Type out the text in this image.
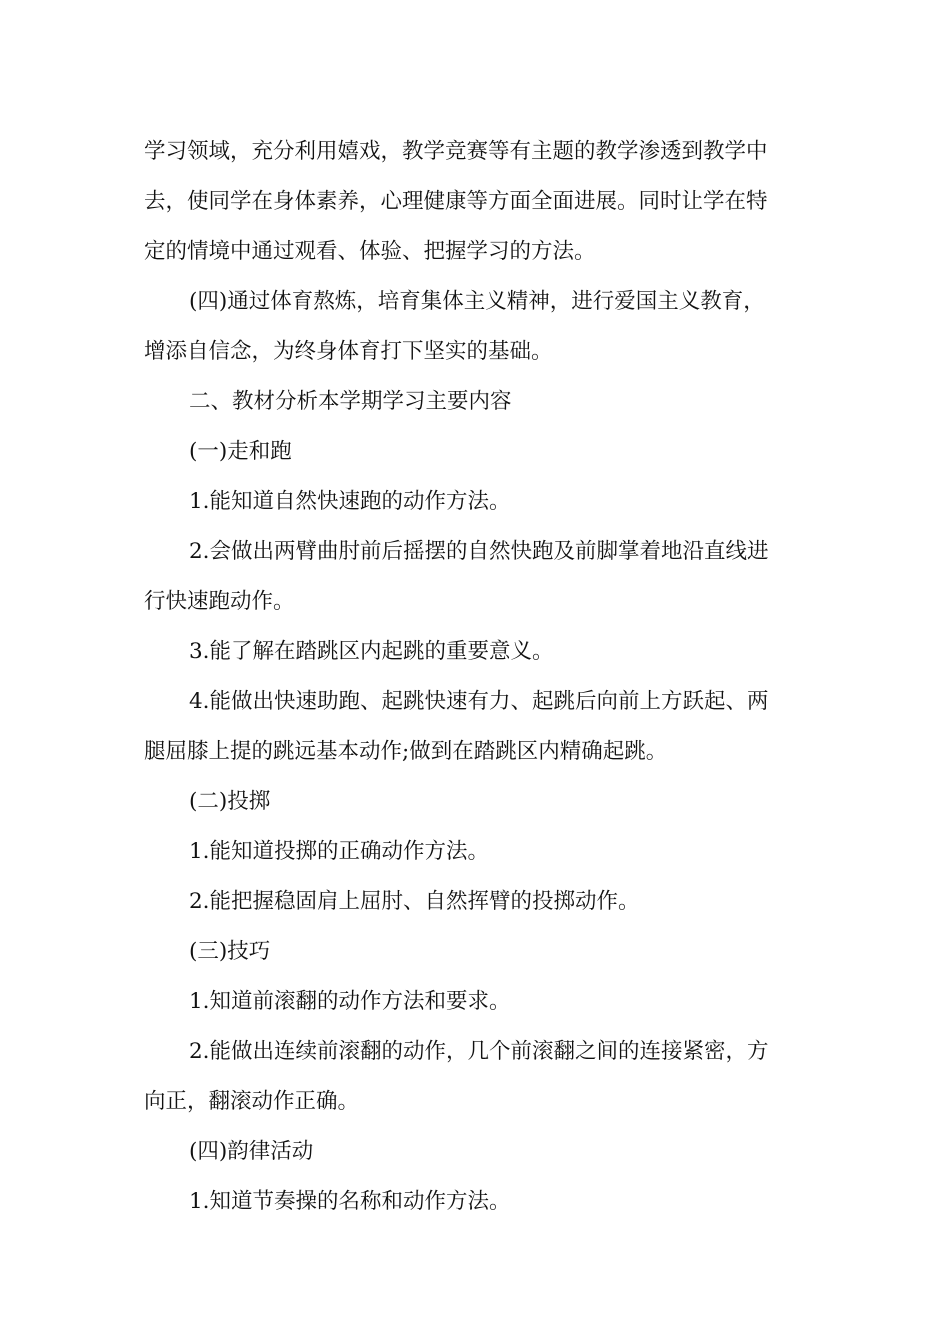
学习领域，充分利用嬉戏，教学竞赛等有主题的教学渗透到教学中
去，使同学在身体素养，心理健康等方面全面进展。同时让学在特
定的情境中通过观看、体验、把握学习的方法。
(四)通过体育熬炼，培育集体主义精神，进行爱国主义教育，
增添自信念，为终身体育打下坚实的基础。
二、教材分析本学期学习主要内容
(一)走和跑
1.能知道自然快速跑的动作方法。
2.会做出两臂曲肘前后摇摆的自然快跑及前脚掌着地沿直线进
行快速跑动作。
3.能了解在踏跳区内起跳的重要意义。
4.能做出快速助跑、起跳快速有力、起跳后向前上方跃起、两
腿屈膝上提的跳远基本动作;做到在踏跳区内精确起跳。
(二)投掷
1.能知道投掷的正确动作方法。
2.能把握稳固肩上屈肘、自然挥臂的投掷动作。
(三)技巧
1.知道前滚翻的动作方法和要求。
2.能做出连续前滚翻的动作，几个前滚翻之间的连接紧密，方
向正，翻滚动作正确。
(四)韵律活动
1.知道节奏操的名称和动作方法。
